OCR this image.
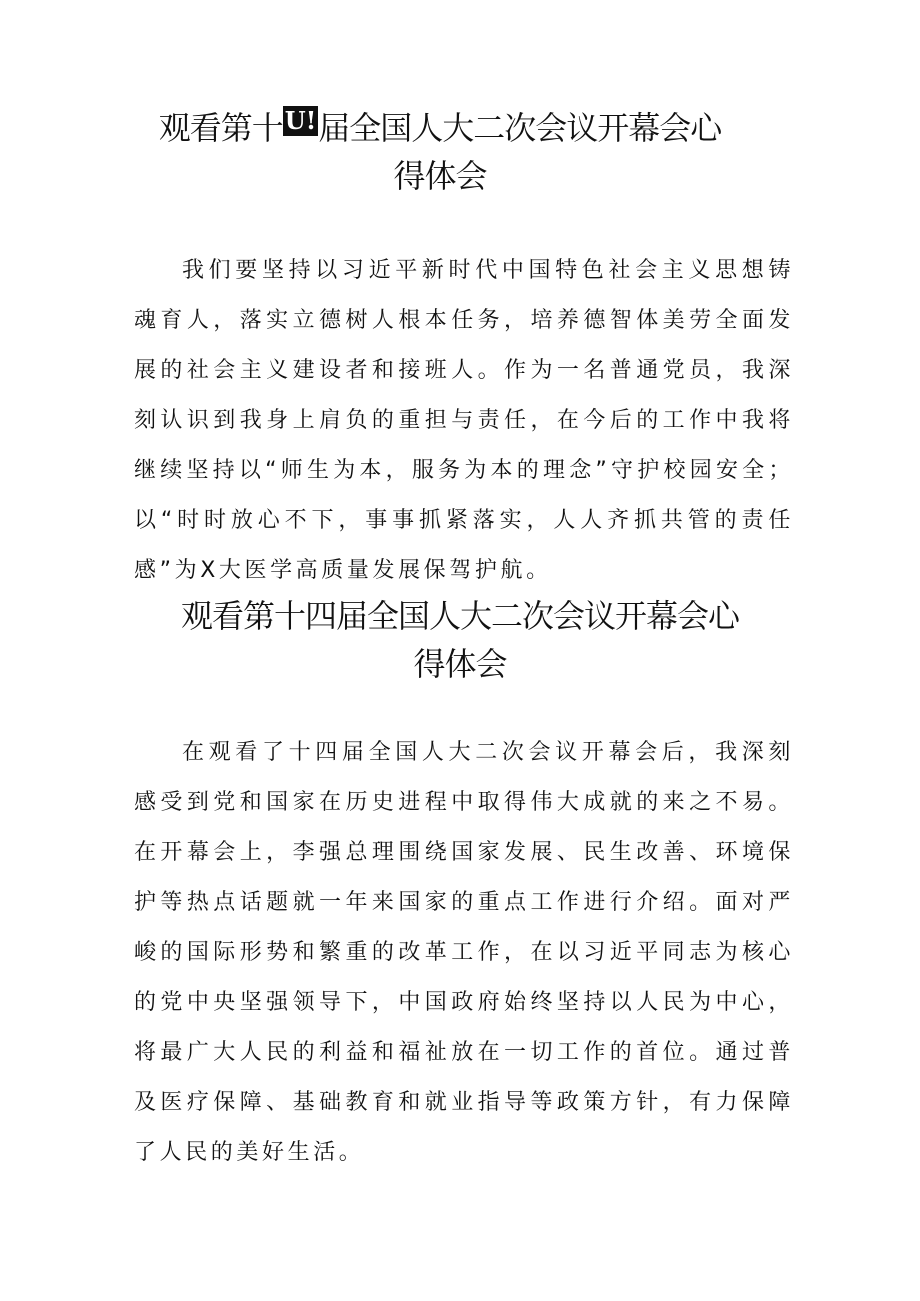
观看第十U!届全国人大二次会议开幕会心
得体会

我们要坚持以习近平新时代中国特色社会主义思想铸魂育人，落实立德树人根本任务，培养德智体美劳全面发展的社会主义建设者和接班人。作为一名普通党员，我深刻认识到我身上肩负的重担与责任，在今后的工作中我将继续坚持以“师生为本，服务为本的理念”守护校园安全；以“时时放心不下，事事抓紧落实，人人齐抓共管的责任感”为X大医学高质量发展保驾护航。

观看第十四届全国人大二次会议开幕会心
得体会

在观看了十四届全国人大二次会议开幕会后，我深刻感受到党和国家在历史进程中取得伟大成就的来之不易。在开幕会上，李强总理围绕国家发展、民生改善、环境保护等热点话题就一年来国家的重点工作进行介绍。面对严峻的国际形势和繁重的改革工作，在以习近平同志为核心的党中央坚强领导下，中国政府始终坚持以人民为中心，将最广大人民的利益和福祉放在一切工作的首位。通过普及医疗保障、基础教育和就业指导等政策方针，有力保障了人民的美好生活。
